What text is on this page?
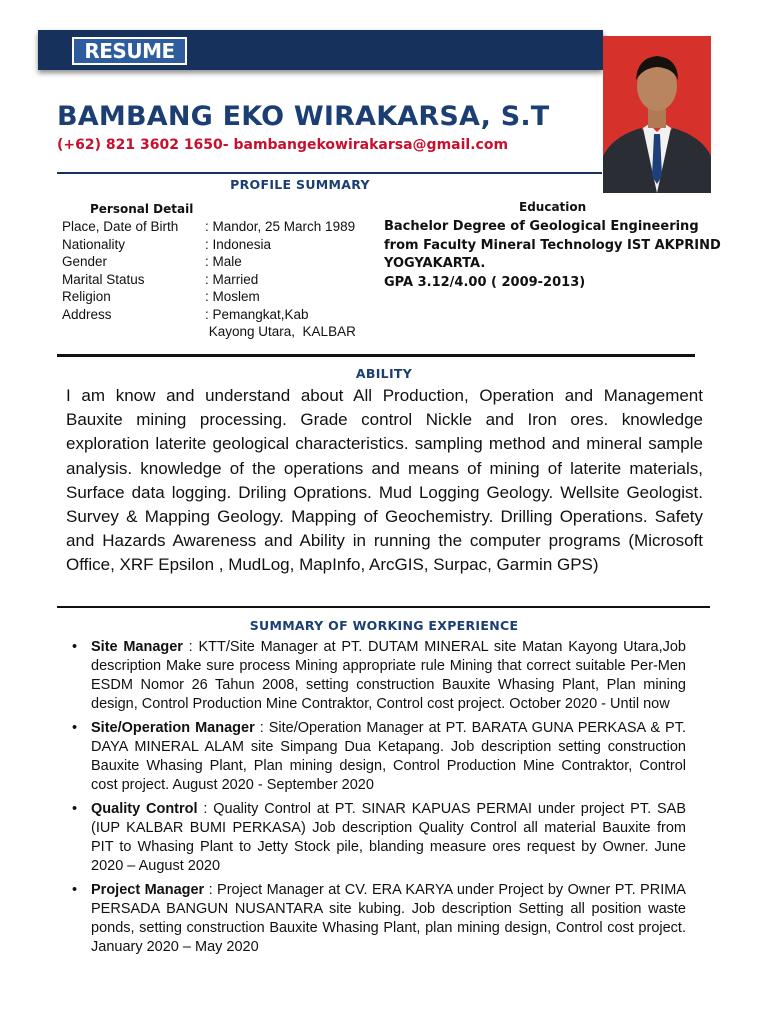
RESUME
BAMBANG EKO WIRAKARSA, S.T
(+62) 821 3602 1650- bambangekowirakarsa@gmail.com
PROFILE SUMMARY
Personal Detail	Education
Place, Date of Birth	: Mandor, 25 March 1989
Nationality	: Indonesia
Gender	: Male
Marital Status	: Married
Religion	: Moslem
Address	: Pemangkat,Kab
Kayong Utara,  KALBAR
Bachelor Degree of Geological Engineering
from Faculty Mineral Technology IST AKPRIND
YOGYAKARTA.
GPA 3.12/4.00 ( 2009-2013)
ABILITY
I am know and understand about All Production, Operation and Management Bauxite mining processing. Grade control Nickle and Iron ores. knowledge exploration laterite geological characteristics. sampling method and mineral sample analysis. knowledge of the operations and means of mining of laterite materials, Surface data logging. Driling Oprations. Mud Logging Geology. Wellsite Geologist. Survey & Mapping Geology. Mapping of Geochemistry. Drilling Operations. Safety and Hazards Awareness and Ability in running the computer programs (Microsoft Office, XRF Epsilon , MudLog, MapInfo, ArcGIS, Surpac, Garmin GPS)
SUMMARY OF WORKING EXPERIENCE
• Site Manager : KTT/Site Manager at PT. DUTAM MINERAL site Matan Kayong Utara,Job description Make sure process Mining appropriate rule Mining that correct suitable Per-Men ESDM Nomor 26 Tahun 2008, setting construction Bauxite Whasing Plant, Plan mining design, Control Production Mine Contraktor, Control cost project. October 2020 - Until now
• Site/Operation Manager : Site/Operation Manager at PT. BARATA GUNA PERKASA & PT. DAYA MINERAL ALAM site Simpang Dua Ketapang. Job description setting construction Bauxite Whasing Plant, Plan mining design, Control Production Mine Contraktor, Control cost project. August 2020 - September 2020
• Quality Control : Quality Control at PT. SINAR KAPUAS PERMAI under project PT. SAB (IUP KALBAR BUMI PERKASA) Job description Quality Control all material Bauxite from PIT to Whasing Plant to Jetty Stock pile, blanding measure ores request by Owner. June 2020 – August 2020
• Project Manager : Project Manager at CV. ERA KARYA under Project by Owner PT. PRIMA PERSADA BANGUN NUSANTARA site kubing. Job description Setting all position waste ponds, setting construction Bauxite Whasing Plant, plan mining design, Control cost project. January 2020 – May 2020
